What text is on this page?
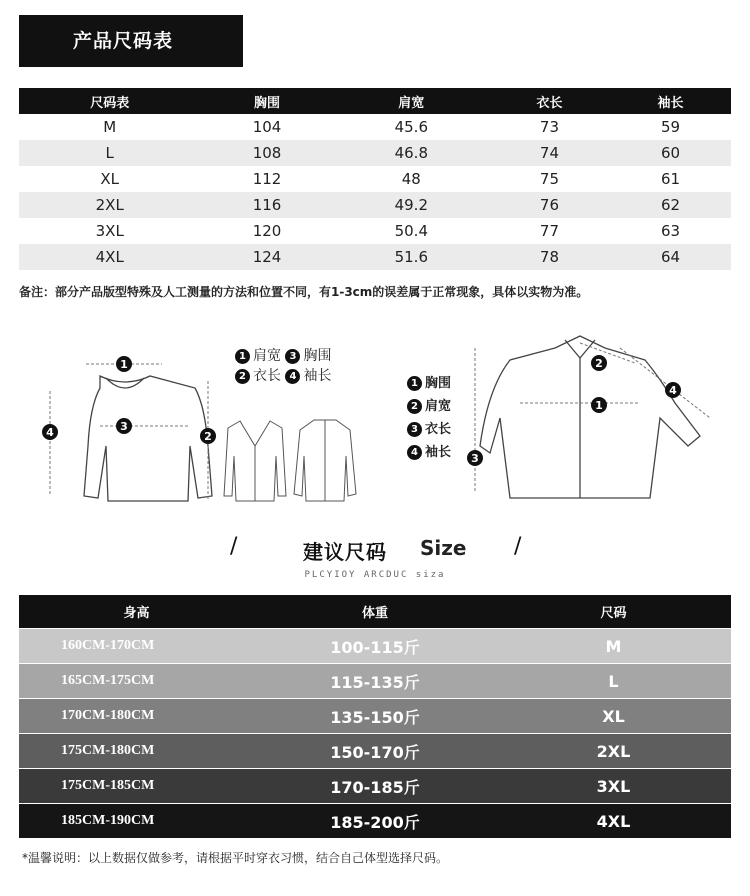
产品尺码表
尺码表	胸围	肩宽	衣长	袖长
M	104	45.6	73	59
L	108	46.8	74	60
XL	112	48	75	61
2XL	116	49.2	76	62
3XL	120	50.4	77	63
4XL	124	51.6	78	64
备注：部分产品版型特殊及人工测量的方法和位置不同，有1-3cm的误差属于正常现象，具体以实物为准。
1
3
4	2
1 肩宽 3 胸围
2 衣长 4 袖长
2
1
4
3
1 胸围
2 肩宽
3 衣长
4 袖长
/	建议尺码 Size /
PLCYIOY ARCDUC siza
身高	体重	尺码
160CM-170CM	100-115斤	M
165CM-175CM	115-135斤	L
170CM-180CM	135-150斤	XL
175CM-180CM	150-170斤	2XL
175CM-185CM	170-185斤	3XL
185CM-190CM	185-200斤	4XL
*温馨说明：以上数据仅做参考，请根据平时穿衣习惯，结合自己体型选择尺码。
